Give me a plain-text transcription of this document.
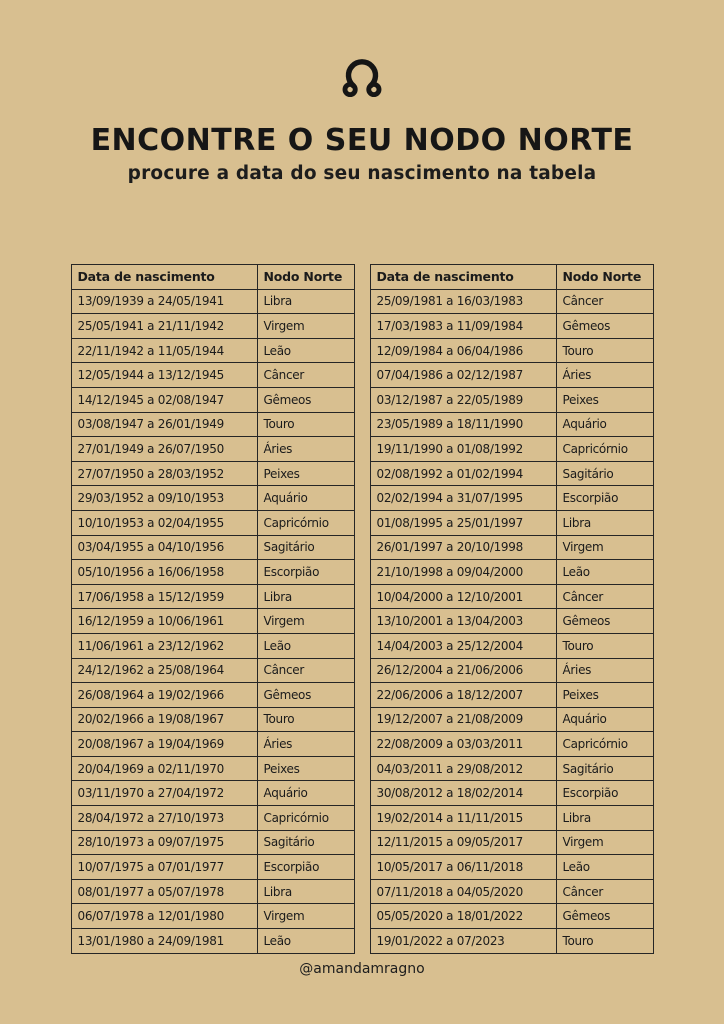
ENCONTRE O SEU NODO NORTE

procure a data do seu nascimento na tabela

Data de nascimento	Nodo Norte
13/09/1939 a 24/05/1941	Libra
25/05/1941 a 21/11/1942	Virgem
22/11/1942 a 11/05/1944	Leão
12/05/1944 a 13/12/1945	Câncer
14/12/1945 a 02/08/1947	Gêmeos
03/08/1947 a 26/01/1949	Touro
27/01/1949 a 26/07/1950	Áries
27/07/1950 a 28/03/1952	Peixes
29/03/1952 a 09/10/1953	Aquário
10/10/1953 a 02/04/1955	Capricórnio
03/04/1955 a 04/10/1956	Sagitário
05/10/1956 a 16/06/1958	Escorpião
17/06/1958 a 15/12/1959	Libra
16/12/1959 a 10/06/1961	Virgem
11/06/1961 a 23/12/1962	Leão
24/12/1962 a 25/08/1964	Câncer
26/08/1964 a 19/02/1966	Gêmeos
20/02/1966 a 19/08/1967	Touro
20/08/1967 a 19/04/1969	Áries
20/04/1969 a 02/11/1970	Peixes
03/11/1970 a 27/04/1972	Aquário
28/04/1972 a 27/10/1973	Capricórnio
28/10/1973 a 09/07/1975	Sagitário
10/07/1975 a 07/01/1977	Escorpião
08/01/1977 a 05/07/1978	Libra
06/07/1978 a 12/01/1980	Virgem
13/01/1980 a 24/09/1981	Leão
Data de nascimento	Nodo Norte
25/09/1981 a 16/03/1983	Câncer
17/03/1983 a 11/09/1984	Gêmeos
12/09/1984 a 06/04/1986	Touro
07/04/1986 a 02/12/1987	Áries
03/12/1987 a 22/05/1989	Peixes
23/05/1989 a 18/11/1990	Aquário
19/11/1990 a 01/08/1992	Capricórnio
02/08/1992 a 01/02/1994	Sagitário
02/02/1994 a 31/07/1995	Escorpião
01/08/1995 a 25/01/1997	Libra
26/01/1997 a 20/10/1998	Virgem
21/10/1998 a 09/04/2000	Leão
10/04/2000 a 12/10/2001	Câncer
13/10/2001 a 13/04/2003	Gêmeos
14/04/2003 a 25/12/2004	Touro
26/12/2004 a 21/06/2006	Áries
22/06/2006 a 18/12/2007	Peixes
19/12/2007 a 21/08/2009	Aquário
22/08/2009 a 03/03/2011	Capricórnio
04/03/2011 a 29/08/2012	Sagitário
30/08/2012 a 18/02/2014	Escorpião
19/02/2014 a 11/11/2015	Libra
12/11/2015 a 09/05/2017	Virgem
10/05/2017 a 06/11/2018	Leão
07/11/2018 a 04/05/2020	Câncer
05/05/2020 a 18/01/2022	Gêmeos
19/01/2022 a 07/2023	Touro
@amandamragno
